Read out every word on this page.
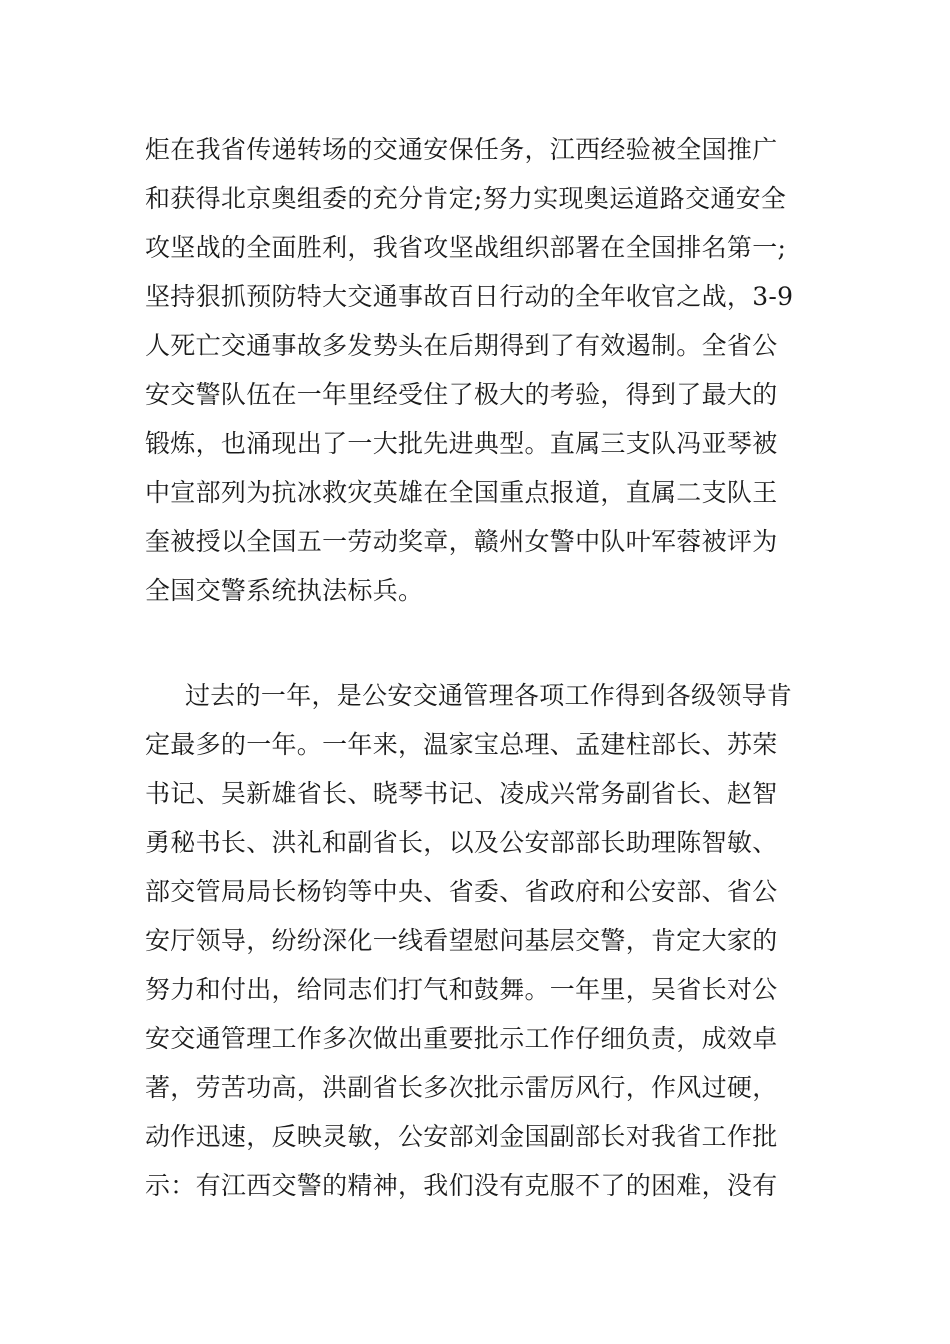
炬在我省传递转场的交通安保任务，江西经验被全国推广
和获得北京奥组委的充分肯定;努力实现奥运道路交通安全
攻坚战的全面胜利，我省攻坚战组织部署在全国排名第一;
坚持狠抓预防特大交通事故百日行动的全年收官之战，3-9
人死亡交通事故多发势头在后期得到了有效遏制。全省公
安交警队伍在一年里经受住了极大的考验，得到了最大的
锻炼，也涌现出了一大批先进典型。直属三支队冯亚琴被
中宣部列为抗冰救灾英雄在全国重点报道，直属二支队王
奎被授以全国五一劳动奖章，赣州女警中队叶军蓉被评为
全国交警系统执法标兵。
过去的一年，是公安交通管理各项工作得到各级领导肯
定最多的一年。一年来，温家宝总理、孟建柱部长、苏荣
书记、吴新雄省长、晓琴书记、凌成兴常务副省长、赵智
勇秘书长、洪礼和副省长，以及公安部部长助理陈智敏、
部交管局局长杨钧等中央、省委、省政府和公安部、省公
安厅领导，纷纷深化一线看望慰问基层交警，肯定大家的
努力和付出，给同志们打气和鼓舞。一年里，吴省长对公
安交通管理工作多次做出重要批示工作仔细负责，成效卓
著，劳苦功高，洪副省长多次批示雷厉风行，作风过硬，
动作迅速，反映灵敏，公安部刘金国副部长对我省工作批
示：有江西交警的精神，我们没有克服不了的困难，没有
